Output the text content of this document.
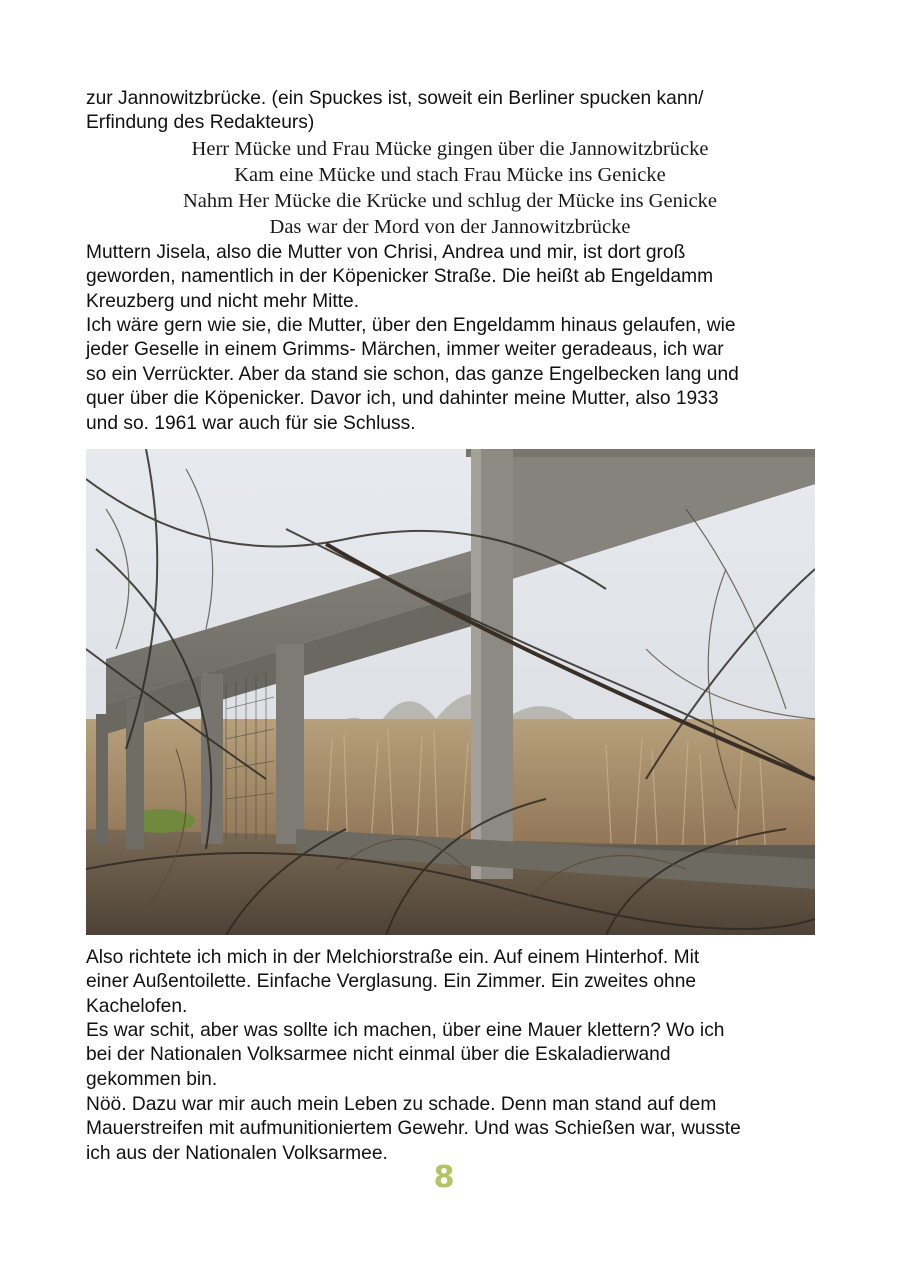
zur Jannowitzbrücke. (ein Spuckes ist, soweit ein Berliner spucken kann/
Erfindung des Redakteurs)

Herr Mücke und Frau Mücke gingen über die Jannowitzbrücke
Kam eine Mücke und stach Frau Mücke ins Genicke
Nahm Her Mücke die Krücke und schlug der Mücke ins Genicke
Das war der Mord von der Jannowitzbrücke

Muttern Jisela, also die Mutter von Chrisi, Andrea und mir, ist dort groß
geworden, namentlich in der Köpenicker Straße. Die heißt ab Engeldamm
Kreuzberg und nicht mehr Mitte.

Ich wäre gern wie sie, die Mutter, über den Engeldamm hinaus gelaufen, wie
jeder Geselle in einem Grimms- Märchen, immer weiter geradeaus, ich war
so ein Verrückter. Aber da stand sie schon, das ganze Engelbecken lang und
quer über die Köpenicker. Davor ich, und dahinter meine Mutter, also 1933
und so. 1961 war auch für sie Schluss.

Also richtete ich mich in der Melchiorstraße ein. Auf einem Hinterhof. Mit
einer Außentoilette. Einfache Verglasung. Ein Zimmer. Ein zweites ohne
Kachelofen.

Es war schit, aber was sollte ich machen, über eine Mauer klettern? Wo ich
bei der Nationalen Volksarmee nicht einmal über die Eskaladierwand
gekommen bin.

Nöö. Dazu war mir auch mein Leben zu schade. Denn man stand auf dem
Mauerstreifen mit aufmunitioniertem Gewehr. Und was Schießen war, wusste
ich aus der Nationalen Volksarmee.

8
